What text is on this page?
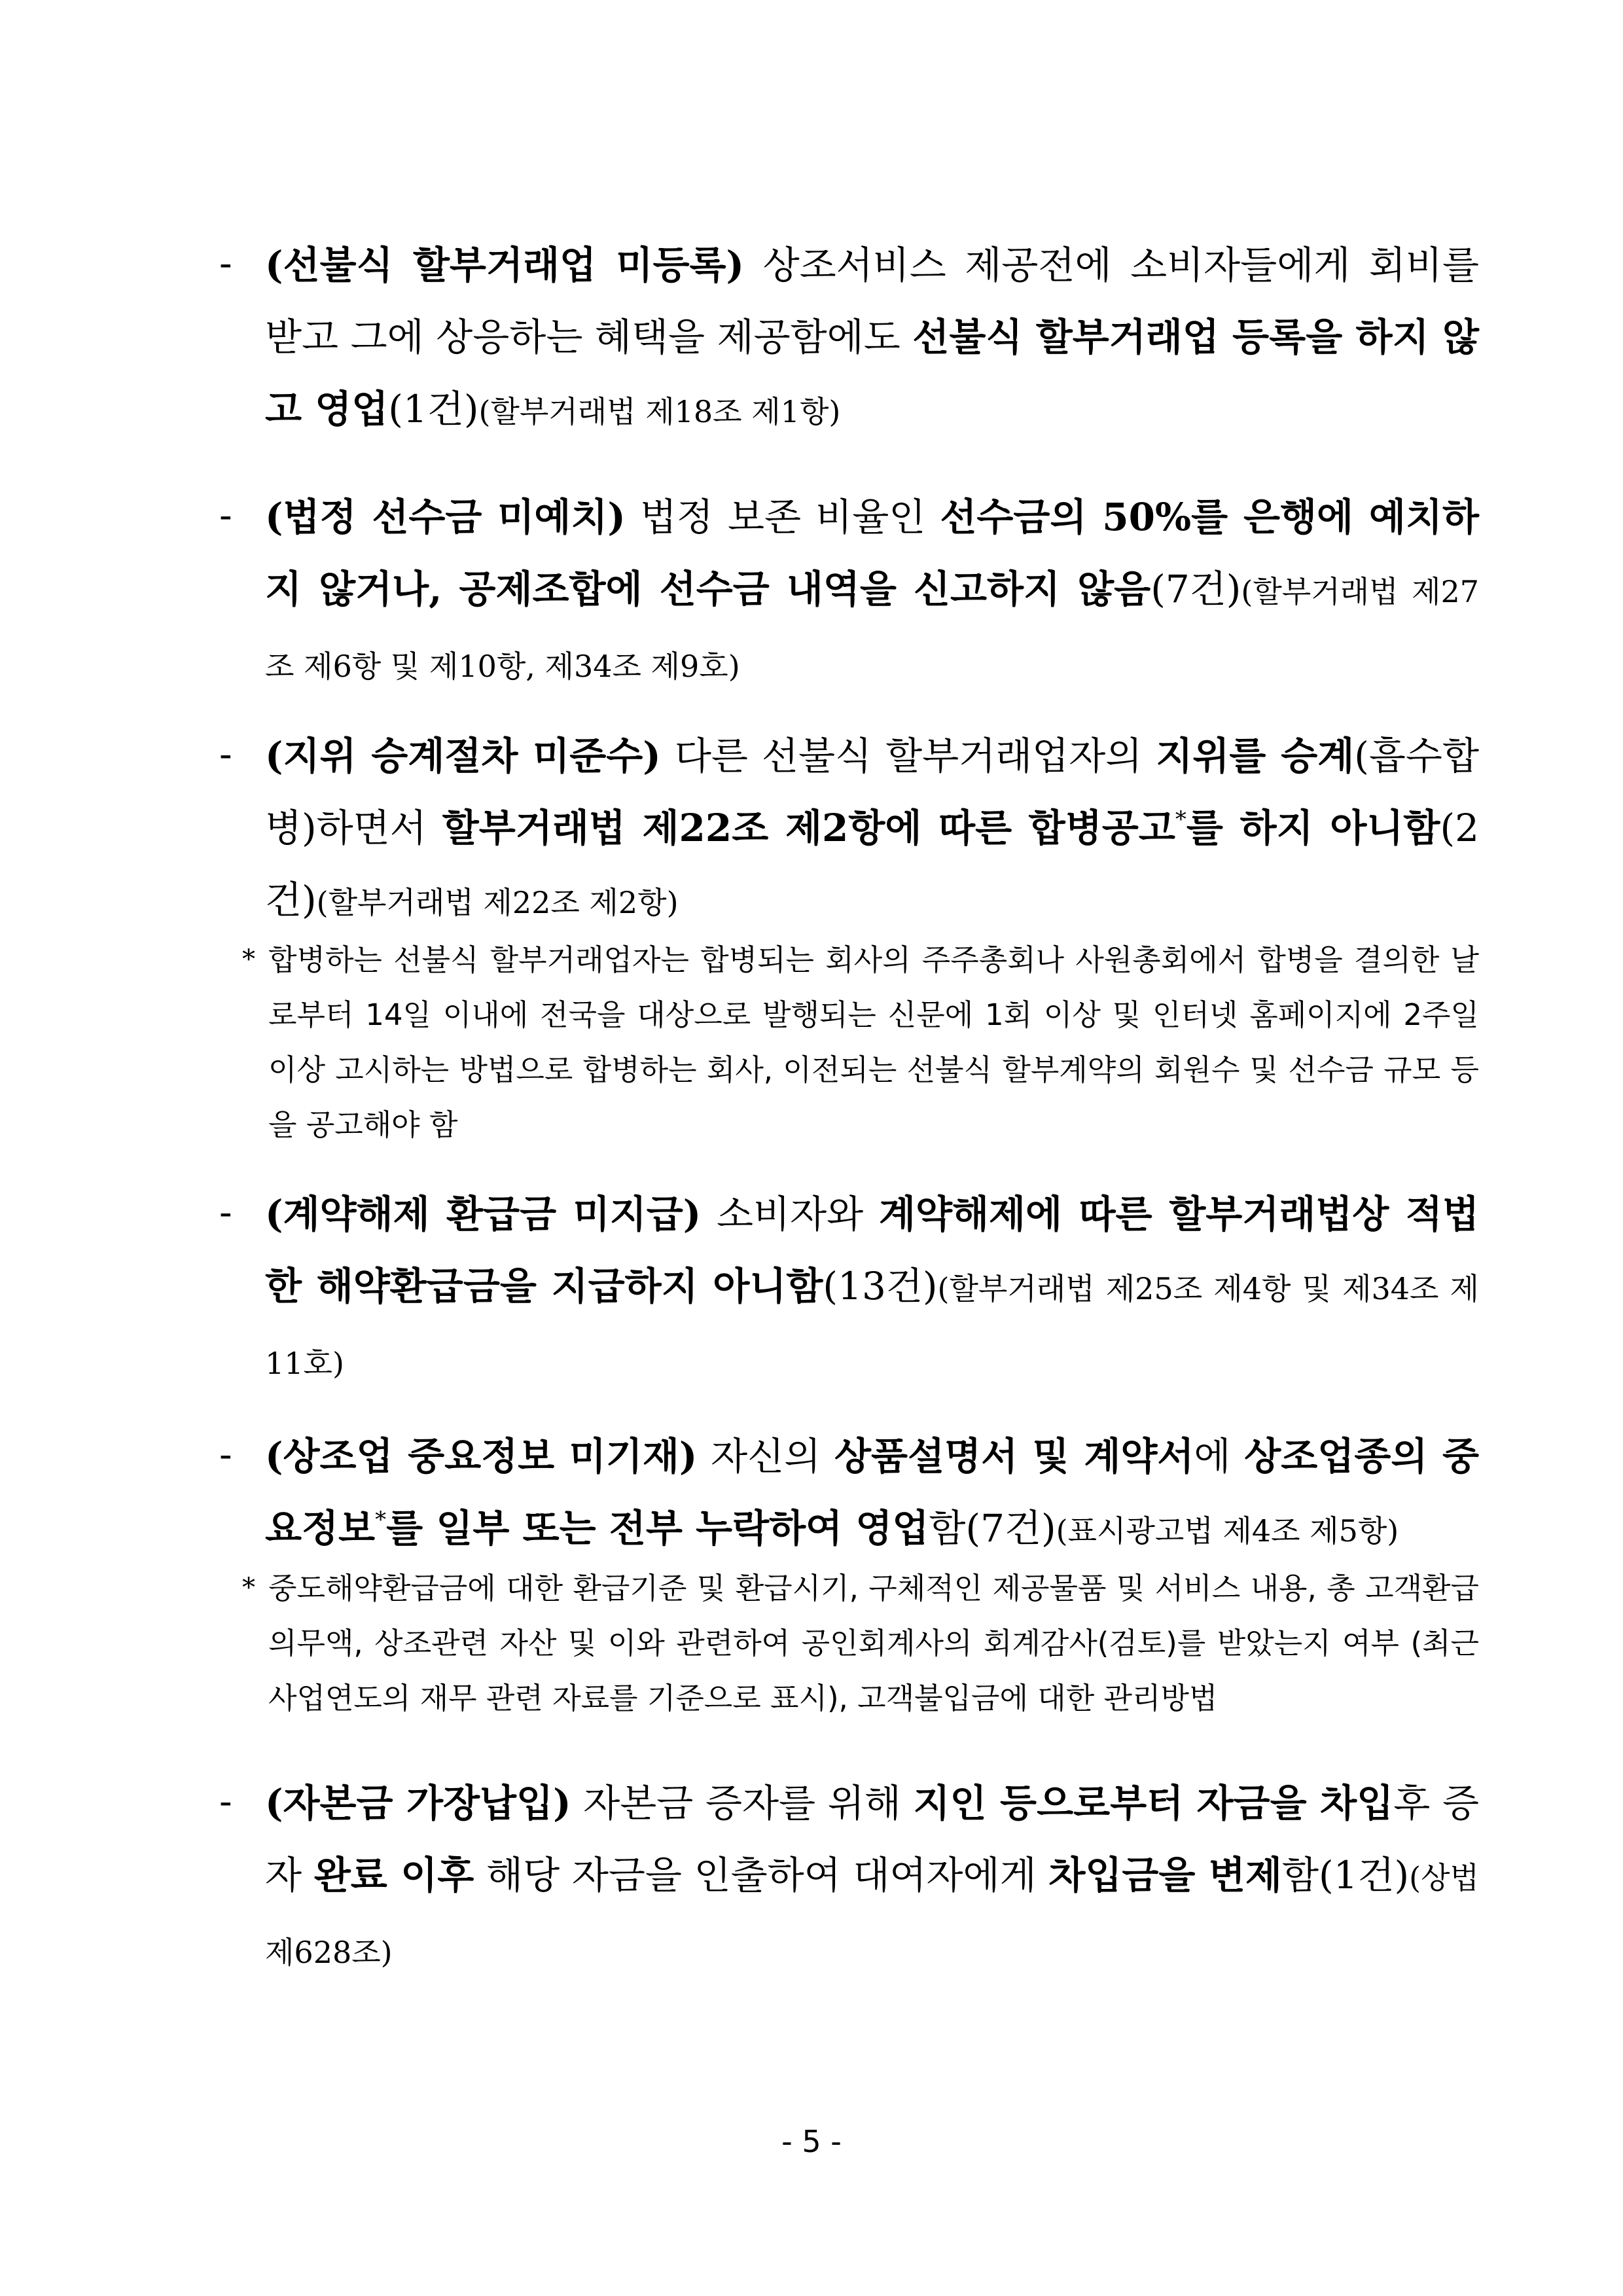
- (선불식 할부거래업 미등록) 상조서비스 제공전에 소비자들에게 회비를 받고 그에 상응하는 혜택을 제공함에도 선불식 할부거래업 등록을 하지 않고 영업(1건)(할부거래법 제18조 제1항)
- (법정 선수금 미예치) 법정 보존 비율인 선수금의 50%를 은행에 예치하지 않거나, 공제조합에 선수금 내역을 신고하지 않음(7건)(할부거래법 제27조 제6항 및 제10항, 제34조 제9호)
- (지위 승계절차 미준수) 다른 선불식 할부거래업자의 지위를 승계(흡수합병)하면서 할부거래법 제22조 제2항에 따른 합병공고*를 하지 아니함(2건)(할부거래법 제22조 제2항)
* 합병하는 선불식 할부거래업자는 합병되는 회사의 주주총회나 사원총회에서 합병을 결의한 날로부터 14일 이내에 전국을 대상으로 발행되는 신문에 1회 이상 및 인터넷 홈페이지에 2주일 이상 고시하는 방법으로 합병하는 회사, 이전되는 선불식 할부계약의 회원수 및 선수금 규모 등을 공고해야 함
- (계약해제 환급금 미지급) 소비자와 계약해제에 따른 할부거래법상 적법한 해약환급금을 지급하지 아니함(13건)(할부거래법 제25조 제4항 및 제34조 제11호)
- (상조업 중요정보 미기재) 자신의 상품설명서 및 계약서에 상조업종의 중요정보*를 일부 또는 전부 누락하여 영업함(7건)(표시광고법 제4조 제5항)
* 중도해약환급금에 대한 환급기준 및 환급시기, 구체적인 제공물품 및 서비스 내용, 총 고객환급 의무액, 상조관련 자산 및 이와 관련하여 공인회계사의 회계감사(검토)를 받았는지 여부 (최근사업연도의 재무 관련 자료를 기준으로 표시), 고객불입금에 대한 관리방법
- (자본금 가장납입) 자본금 증자를 위해 지인 등으로부터 자금을 차입후 증자 완료 이후 해당 자금을 인출하여 대여자에게 차입금을 변제함(1건)(상법 제628조)
- 5 -
